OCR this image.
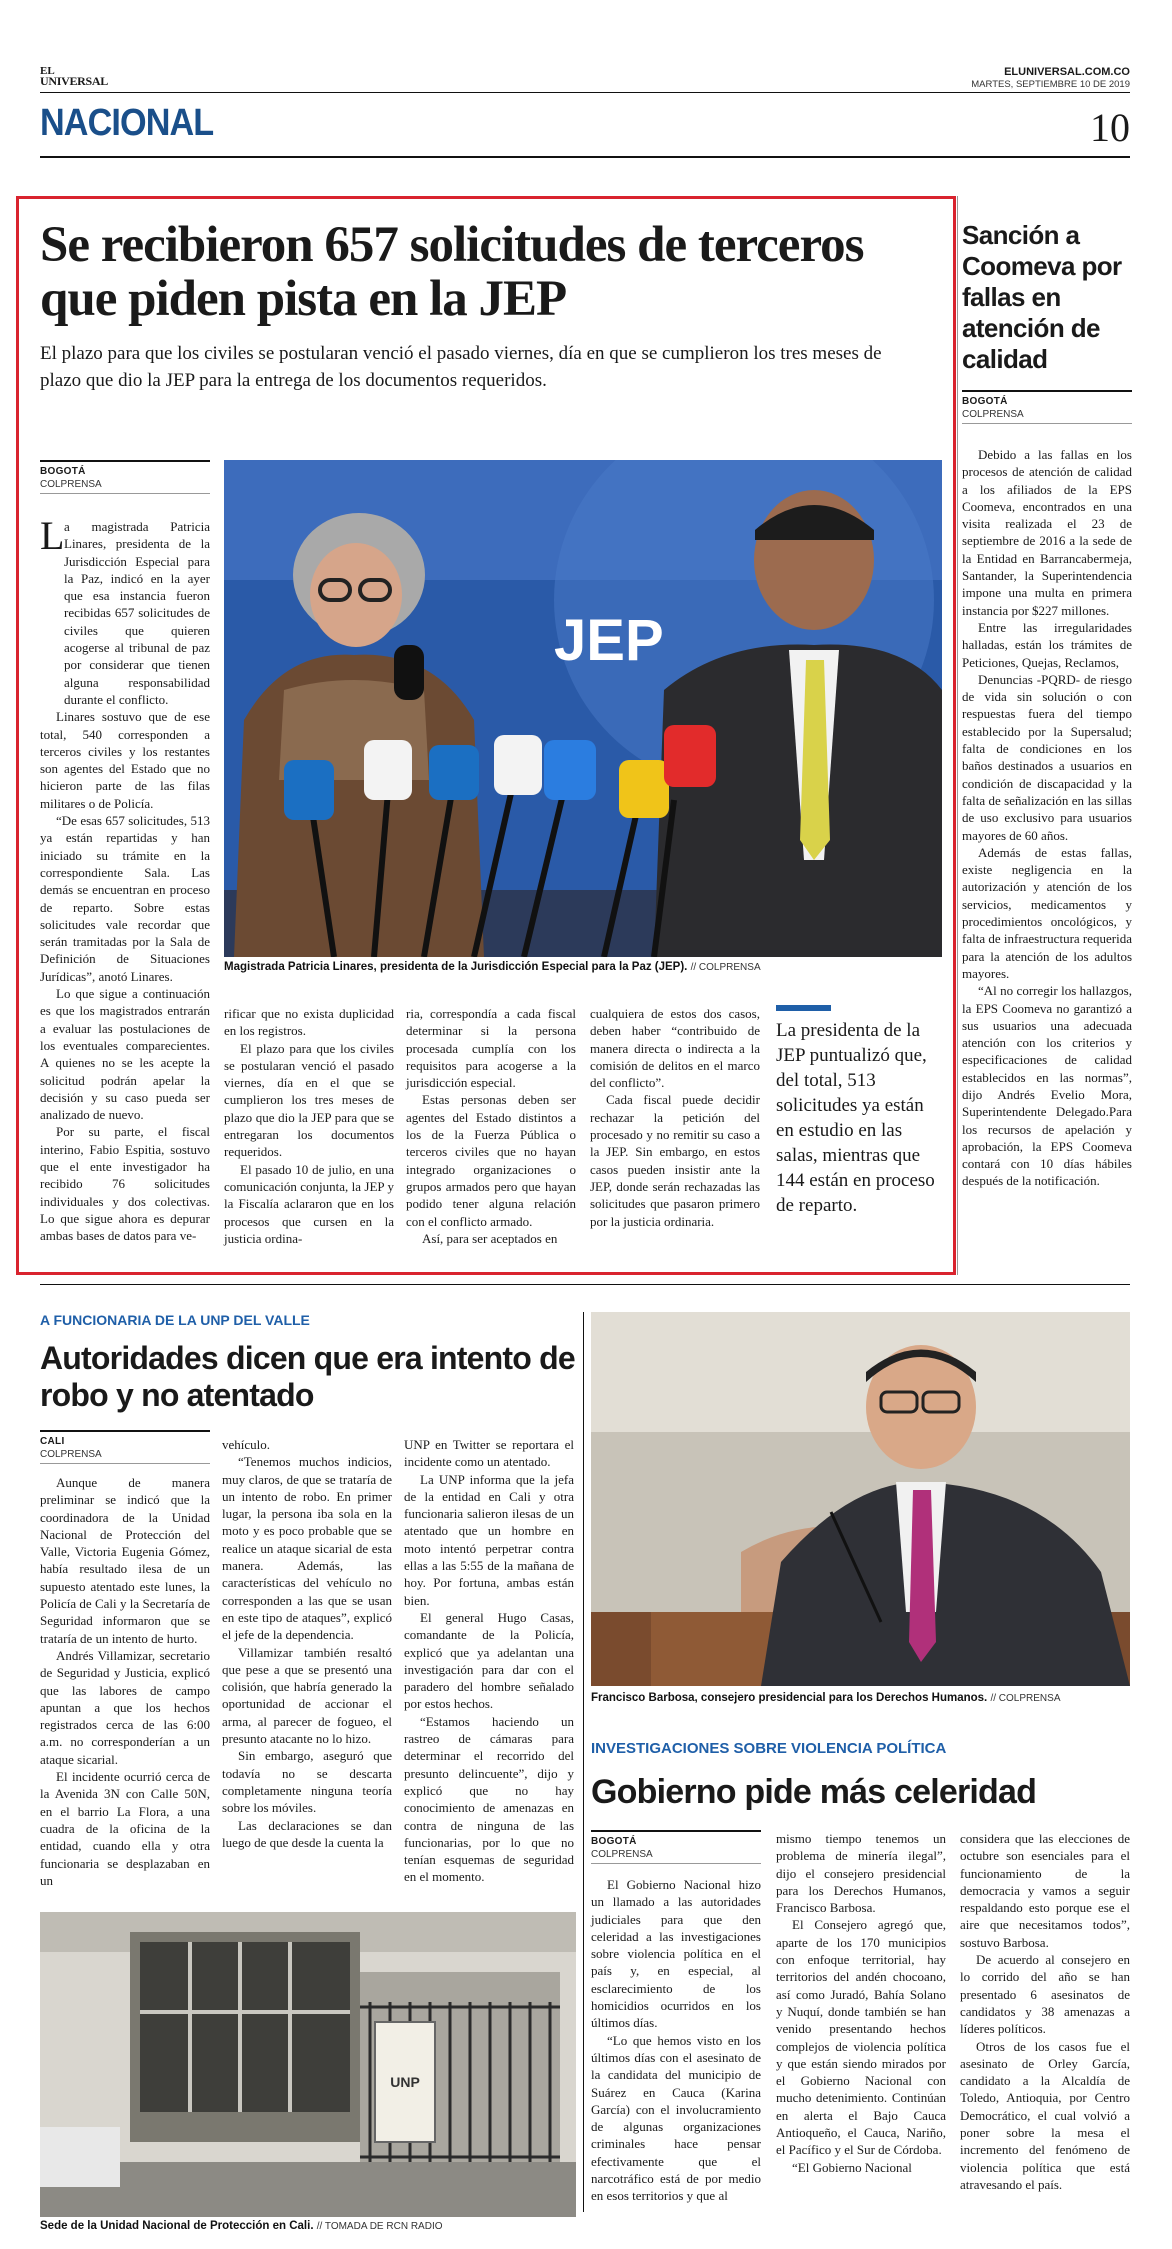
EL
UNIVERSAL
ELUNIVERSAL.COM.CO
MARTES, SEPTIEMBRE 10 DE 2019
NACIONAL	10
Se recibieron 657 solicitudes de terceros que piden pista en la JEP
El plazo para que los civiles se postularan venció el pasado viernes, día en que se cumplieron los tres meses de plazo que dio la JEP para la entrega de los documentos requeridos.
BOGOTÁ
COLPRENSA
JEP
Magistrada Patricia Linares, presidenta de la Jurisdicción Especial para la Paz (JEP). // COLPRENSA
L a magistrada Patricia Linares, presidenta de la Jurisdicción Especial para la Paz, indicó en la ayer que esa instancia fueron recibidas 657 solicitudes de civiles que quieren acogerse al tribunal de paz por considerar que tienen alguna responsabilidad durante el conflicto.

Linares sostuvo que de ese total, 540 corresponden a terceros civiles y los restantes son agentes del Estado que no hicieron parte de las filas militares o de Policía.

“De esas 657 solicitudes, 513 ya están repartidas y han iniciado su trámite en la correspondiente Sala. Las demás se encuentran en proceso de reparto. Sobre estas solicitudes vale recordar que serán tramitadas por la Sala de Definición de Situaciones Jurídicas”, anotó Linares.

Lo que sigue a continuación es que los magistrados entrarán a evaluar las postulaciones de los eventuales comparecientes. A quienes no se les acepte la solicitud podrán apelar la decisión y su caso pueda ser analizado de nuevo.

Por su parte, el fiscal interino, Fabio Espitia, sostuvo que el ente investigador ha recibido 76 solicitudes individuales y dos colectivas. Lo que sigue ahora es depurar ambas bases de datos para ve-

rificar que no exista duplicidad en los registros.

El plazo para que los civiles se postularan venció el pasado viernes, día en el que se cumplieron los tres meses de plazo que dio la JEP para que se entregaran los documentos requeridos.

El pasado 10 de julio, en una comunicación conjunta, la JEP y la Fiscalía aclararon que en los procesos que cursen en la justicia ordina-

ria, correspondía a cada fiscal determinar si la persona procesada cumplía con los requisitos para acogerse a la jurisdicción especial.

Estas personas deben ser agentes del Estado distintos a los de la Fuerza Pública o terceros civiles que no hayan integrado organizaciones o grupos armados pero que hayan podido tener alguna relación con el conflicto armado.

Así, para ser aceptados en

cualquiera de estos dos casos, deben haber “contribuido de manera directa o indirecta a la comisión de delitos en el marco del conflicto”.

Cada fiscal puede decidir rechazar la petición del procesado y no remitir su caso a la JEP. Sin embargo, en estos casos pueden insistir ante la JEP, donde serán rechazadas las solicitudes que pasaron primero por la justicia ordinaria.

La presidenta de la JEP puntualizó que, del total, 513 solicitudes ya están en estudio en las salas, mientras que 144 están en proceso de reparto.
Sanción a Coomeva por fallas en atención de calidad
BOGOTÁ
COLPRENSA

Debido a las fallas en los procesos de atención de calidad a los afiliados de la EPS Coomeva, encontrados en una visita realizada el 23 de septiembre de 2016 a la sede de la Entidad en Barrancabermeja, Santander, la Superintendencia impone una multa en primera instancia por $227 millones.

Entre las irregularidades halladas, están los trámites de Peticiones, Quejas, Reclamos,

Denuncias -PQRD- de riesgo de vida sin solución o con respuestas fuera del tiempo establecido por la Supersalud; falta de condiciones en los baños destinados a usuarios en condición de discapacidad y la falta de señalización en las sillas de uso exclusivo para usuarios mayores de 60 años.

Además de estas fallas, existe negligencia en la autorización y atención de los servicios, medicamentos y procedimientos oncológicos, y falta de infraestructura requerida para la atención de los adultos mayores.

“Al no corregir los hallazgos, la EPS Coomeva no garantizó a sus usuarios una adecuada atención con los criterios y especificaciones de calidad establecidos en las normas”, dijo Andrés Evelio Mora, Superintendente Delegado.Para los recursos de apelación y aprobación, la EPS Coomeva contará con 10 días hábiles después de la notificación.

A FUNCIONARIA DE LA UNP DEL VALLE
Autoridades dicen que era intento de robo y no atentado
CALI
COLPRENSA

Aunque de manera preliminar se indicó que la coordinadora de la Unidad Nacional de Protección del Valle, Victoria Eugenia Gómez, había resultado ilesa de un supuesto atentado este lunes, la Policía de Cali y la Secretaría de Seguridad informaron que se trataría de un intento de hurto.

Andrés Villamizar, secretario de Seguridad y Justicia, explicó que las labores de campo apuntan a que los hechos registrados cerca de las 6:00 a.m. no corresponderían a un ataque sicarial.

El incidente ocurrió cerca de la Avenida 3N con Calle 50N, en el barrio La Flora, a una cuadra de la oficina de la entidad, cuando ella y otra funcionaria se desplazaban en un

vehículo.

“Tenemos muchos indicios, muy claros, de que se trataría de un intento de robo. En primer lugar, la persona iba sola en la moto y es poco probable que se realice un ataque sicarial de esta manera. Además, las características del vehículo no corresponden a las que se usan en este tipo de ataques”, explicó el jefe de la dependencia.

Villamizar también resaltó que pese a que se presentó una colisión, que habría generado la oportunidad de accionar el arma, al parecer de fogueo, el presunto atacante no lo hizo.

Sin embargo, aseguró que todavía no se descarta completamente ninguna teoría sobre los móviles.

Las declaraciones se dan luego de que desde la cuenta la

UNP en Twitter se reportara el incidente como un atentado.

La UNP informa que la jefa de la entidad en Cali y otra funcionaria salieron ilesas de un atentado que un hombre en moto intentó perpetrar contra ellas a las 5:55 de la mañana de hoy. Por fortuna, ambas están bien.

El general Hugo Casas, comandante de la Policía, explicó que ya adelantan una investigación para dar con el paradero del hombre señalado por estos hechos.

“Estamos haciendo un rastreo de cámaras para determinar el recorrido del presunto delincuente”, dijo y explicó que no hay conocimiento de amenazas en contra de ninguna de las funcionarias, por lo que no tenían esquemas de seguridad en el momento.

UNP
Sede de la Unidad Nacional de Protección en Cali. // TOMADA DE RCN RADIO
Francisco Barbosa, consejero presidencial para los Derechos Humanos. // COLPRENSA
INVESTIGACIONES SOBRE VIOLENCIA POLÍTICA
Gobierno pide más celeridad
BOGOTÁ
COLPRENSA

El Gobierno Nacional hizo un llamado a las autoridades judiciales para que den celeridad a las investigaciones sobre violencia política en el país y, en especial, al esclarecimiento de los homicidios ocurridos en los últimos días.

“Lo que hemos visto en los últimos días con el asesinato de la candidata del municipio de Suárez en Cauca (Karina García) con el involucramiento de algunas organizaciones criminales hace pensar efectivamente que el narcotráfico está de por medio en esos territorios y que al

mismo tiempo tenemos un problema de minería ilegal”, dijo el consejero presidencial para los Derechos Humanos, Francisco Barbosa.

El Consejero agregó que, aparte de los 170 municipios con enfoque territorial, hay territorios del andén chocoano, así como Juradó, Bahía Solano y Nuquí, donde también se han venido presentando hechos complejos de violencia política y que están siendo mirados por el Gobierno Nacional con mucho detenimiento. Continúan en alerta el Bajo Cauca Antioqueño, el Cauca, Nariño, el Pacífico y el Sur de Córdoba.

“El Gobierno Nacional

considera que las elecciones de octubre son esenciales para el funcionamiento de la democracia y vamos a seguir respaldando esto porque ese el aire que necesitamos todos”, sostuvo Barbosa.

De acuerdo al consejero en lo corrido del año se han presentado 6 asesinatos de candidatos y 38 amenazas a líderes políticos.

Otros de los casos fue el asesinato de Orley García, candidato a la Alcaldía de Toledo, Antioquia, por Centro Democrático, el cual volvió a poner sobre la mesa el incremento del fenómeno de violencia política que está atravesando el país.
